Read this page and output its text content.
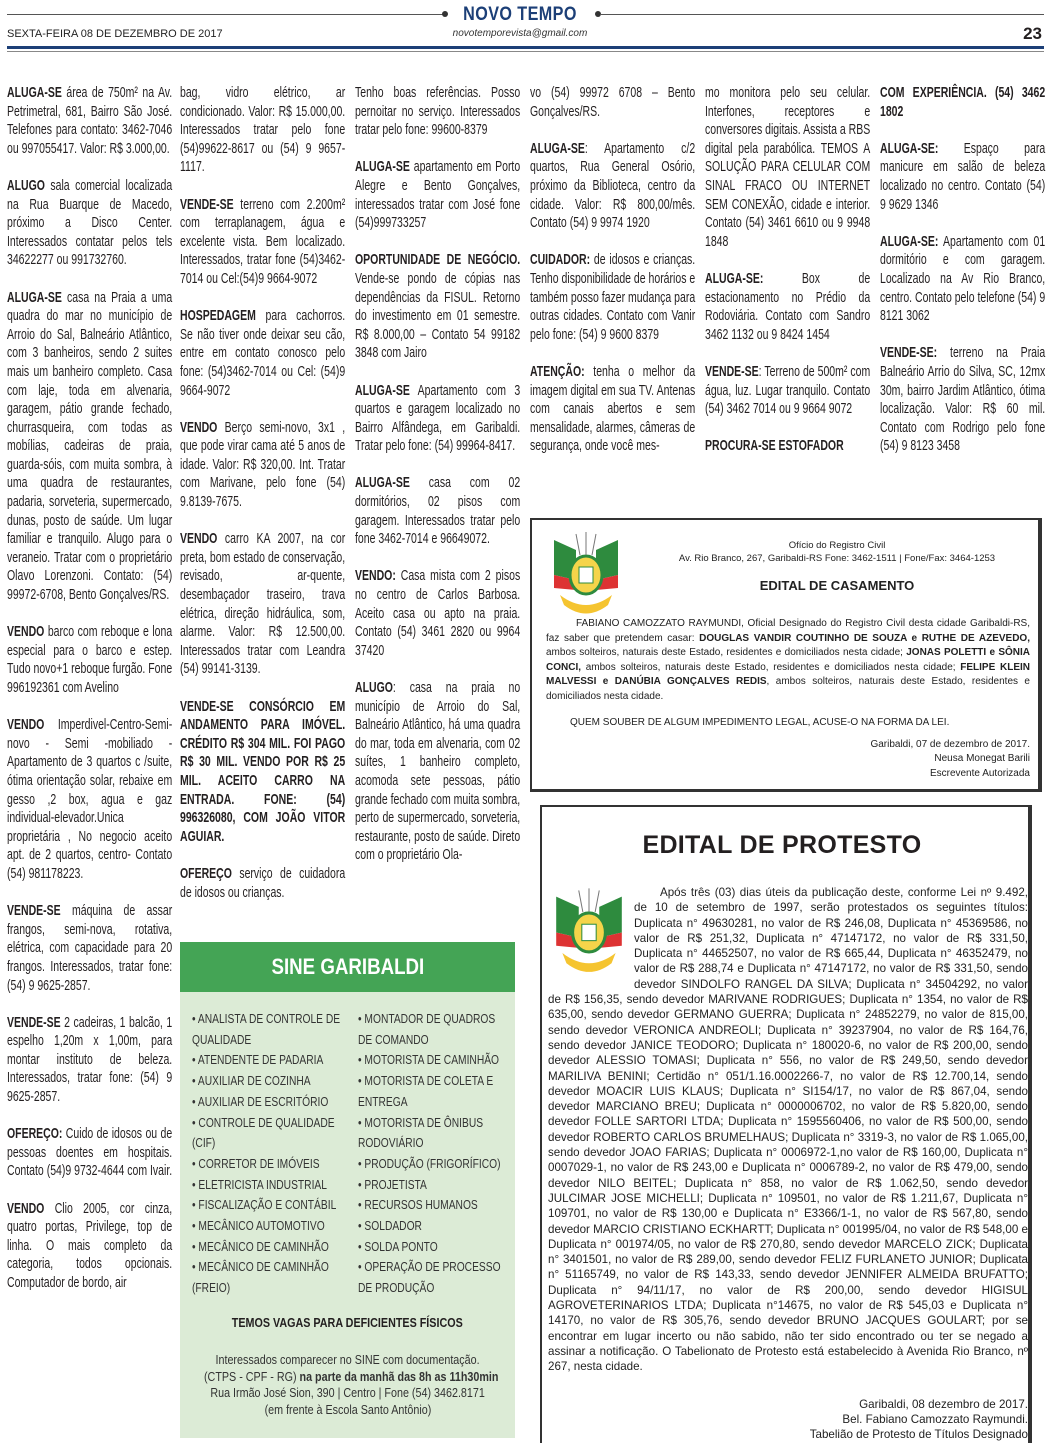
NOVO TEMPO
SEXTA-FEIRA 08 DE DEZEMBRO DE 2017	novotemporevista@gmail.com	23

ALUGA-SE área de 750m² na Av. Petrimetral, 681, Bairro São José. Telefones para contato: 3462-7046 ou 997055417. Valor: R$ 3.000,00.

ALUGO sala comercial localizada na Rua Buarque de Macedo, próximo a Disco Center. Interessados contatar pelos tels 34622277 ou 991732760.

ALUGA-SE casa na Praia a uma quadra do mar no município de Arroio do Sal, Balneário Atlântico, com 3 banheiros, sendo 2 suites mais um banheiro completo. Casa com laje, toda em alvenaria, garagem, pátio grande fechado, churrasqueira, com todas as mobílias, cadeiras de praia, guarda-sóis, com muita sombra, à uma quadra de restaurantes, padaria, sorveteria, supermercado, dunas, posto de saúde. Um lugar familiar e tranquilo. Alugo para o veraneio. Tratar com o proprietário Olavo Lorenzoni. Contato: (54) 99972-6708, Bento Gonçalves/RS.

VENDO barco com reboque e lona especial para o barco e estep. Tudo novo+1 reboque furgão. Fone 996192361 com Avelino

VENDO Imperdivel-Centro-Semi-novo - Semi -mobiliado -Apartamento de 3 quartos c /suite, ótima orientação solar, rebaixe em gesso ,2 box, agua e gaz individual-elevador.Unica proprietária , No negocio aceito apt. de 2 quartos, centro- Contato (54) 981178223.

VENDE-SE máquina de assar frangos, semi-nova, rotativa, elétrica, com capacidade para 20 frangos. Interessados, tratar fone: (54) 9 9625-2857.

VENDE-SE 2 cadeiras, 1 balcão, 1 espelho 1,20m x 1,00m, para montar instituto de beleza. Interessados, tratar fone: (54) 9 9625-2857.

OFEREÇO: Cuido de idosos ou de pessoas doentes em hospitais. Contato (54)9 9732-4644 com Ivair.

VENDO Clio 2005, cor cinza, quatro portas, Privilege, top de linha. O mais completo da categoria, todos opcionais. Computador de bordo, air

bag, vidro elétrico, ar condicionado. Valor: R$ 15.000,00. Interessados tratar pelo fone (54)99622-8617 ou (54) 9 9657-1117.

VENDE-SE terreno com 2.200m² com terraplanagem, água e excelente vista. Bem localizado. Interessados, tratar fone (54)3462-7014 ou Cel:(54)9 9664-9072

HOSPEDAGEM para cachorros. Se não tiver onde deixar seu cão, entre em contato conosco pelo fone: (54)3462-7014 ou Cel: (54)9 9664-9072

VENDO Berço semi-novo, 3x1 , que pode virar cama até 5 anos de idade. Valor: R$ 320,00. Int. Tratar com Marivane, pelo fone (54) 9.8139-7675.

VENDO carro KA 2007, na cor preta, bom estado de conservação, revisado, ar-quente, desembaçador traseiro, trava elétrica, direção hidráulica, som, alarme. Valor: R$ 12.500,00. Interessados tratar com Leandra (54) 99141-3139.

VENDE-SE CONSÓRCIO EM ANDAMENTO PARA IMÓVEL. CRÉDITO R$ 304 MIL. FOI PAGO R$ 30 MIL. VENDO POR R$ 25 MIL. ACEITO CARRO NA ENTRADA. FONE: (54) 996326080, COM JOÃO VITOR AGUIAR.

OFEREÇO serviço de cuidadora de idosos ou crianças.

Tenho boas referências. Posso pernoitar no serviço. Interessados tratar pelo fone: 99600-8379

ALUGA-SE apartamento em Porto Alegre e Bento Gonçalves, interessados tratar com José fone (54)999733257

OPORTUNIDADE DE NEGÓCIO. Vende-se pondo de cópias nas dependências da FISUL. Retorno do investimento em 01 semestre. R$ 8.000,00 – Contato 54 99182 3848 com Jairo

ALUGA-SE Apartamento com 3 quartos e garagem localizado no Bairro Alfândega, em Garibaldi. Tratar pelo fone: (54) 99964-8417.

ALUGA-SE casa com 02 dormitórios, 02 pisos com garagem. Interessados tratar pelo fone 3462-7014 e 96649072.

VENDO: Casa mista com 2 pisos no centro de Carlos Barbosa. Aceito casa ou apto na praia. Contato (54) 3461 2820 ou 9964 37420

ALUGO: casa na praia no município de Arroio do Sal, Balneário Atlântico, há uma quadra do mar, toda em alvenaria, com 02 suítes, 1 banheiro completo, acomoda sete pessoas, pátio grande fechado com muita sombra, perto de supermercado, sorveteria, restaurante, posto de saúde. Direto com o proprietário Ola-

vo (54) 99972 6708 – Bento Gonçalves/RS.

ALUGA-SE: Apartamento c/2 quartos, Rua General Osório, próximo da Biblioteca, centro da cidade. Valor: R$ 800,00/mês. Contato (54) 9 9974 1920

CUIDADOR: de idosos e crianças. Tenho disponibilidade de horários e também posso fazer mudança para outras cidades. Contato com Vanir pelo fone: (54) 9 9600 8379

ATENÇÃO: tenha o melhor da imagem digital em sua TV. Antenas com canais abertos e sem mensalidade, alarmes, câmeras de segurança, onde você mes-

mo monitora pelo seu celular. Interfones, receptores e conversores digitais. Assista a RBS digital pela parabólica. TEMOS A SOLUÇÃO PARA CELULAR COM SINAL FRACO OU INTERNET SEM CONEXÃO, cidade e interior. Contato (54) 3461 6610 ou 9 9948 1848

ALUGA-SE: Box de estacionamento no Prédio da Rodoviária. Contato com Sandro 3462 1132 ou 9 8424 1454

VENDE-SE: Terreno de 500m² com água, luz. Lugar tranquilo. Contato (54) 3462 7014 ou 9 9664 9072

PROCURA-SE ESTOFADOR

COM EXPERIÊNCIA. (54) 3462 1802

ALUGA-SE: Espaço para manicure em salão de beleza localizado no centro. Contato (54) 9 9629 1346

ALUGA-SE: Apartamento com 01 dormitório e com garagem. Localizado na Av Rio Branco, centro. Contato pelo telefone (54) 9 8121 3062

VENDE-SE: terreno na Praia Balneário Arrio do Silva, SC, 12mx 30m, bairro Jardim Atlântico, ótima localização. Valor: R$ 60 mil. Contato com Rodrigo pelo fone (54) 9 8123 3458

Ofício do Registro Civil
Av. Rio Branco, 267, Garibaldi-RS Fone: 3462-1511 | Fone/Fax: 3464-1253
EDITAL DE CASAMENTO
FABIANO CAMOZZATO RAYMUNDI, Oficial Designado do Registro Civil desta cidade Garibaldi-RS, faz saber que pretendem casar: DOUGLAS VANDIR COUTINHO DE SOUZA e RUTHE DE AZEVEDO, ambos solteiros, naturais deste Estado, residentes e domiciliados nesta cidade; JONAS POLETTI e SÔNIA CONCI, ambos solteiros, naturais deste Estado, residentes e domiciliados nesta cidade; FELIPE KLEIN MALVESSI e DANÚBIA GONÇALVES REDIS, ambos solteiros, naturais deste Estado, residentes e domiciliados nesta cidade.
QUEM SOUBER DE ALGUM IMPEDIMENTO LEGAL, ACUSE-O NA FORMA DA LEI.
Garibaldi, 07 de dezembro de 2017.
Neusa Monegat Barili
Escrevente Autorizada
EDITAL DE PROTESTO
Após três (03) dias úteis da publicação deste, conforme Lei nº 9.492, de 10 de setembro de 1997, serão protestados os seguintes títulos: Duplicata n° 49630281, no valor de R$ 246,08, Duplicata n° 45369586, no valor de R$ 251,32, Duplicata n° 47147172, no valor de R$ 331,50, Duplicata n° 44652507, no valor de R$ 665,44, Duplicata n° 46352479, no valor de R$ 288,74 e Duplicata n° 47147172, no valor de R$ 331,50, sendo devedor SINDOLFO RANGEL DA SILVA; Duplicata n° 34504292, no valor de R$ 156,35, sendo devedor MARIVANE RODRIGUES; Duplicata n° 1354, no valor de R$ 635,00, sendo devedor GERMANO GUERRA; Duplicata n° 24852279, no valor de 815,00, sendo devedor VERONICA ANDREOLI; Duplicata n° 39237904, no valor de R$ 164,76, sendo devedor JANICE TEODORO; Duplicata n° 180020-6, no valor de R$ 200,00, sendo devedor ALESSIO TOMASI; Duplicata n° 556, no valor de R$ 249,50, sendo devedor MARILIVA BENINI; Certidão n° 051/1.16.0002266-7, no valor de R$ 12.700,14, sendo devedor MOACIR LUIS KLAUS; Duplicata n° SI154/17, no valor de R$ 867,04, sendo devedor MARCIANO BREU; Duplicata n° 0000006702, no valor de R$ 5.820,00, sendo devedor FOLLE SARTORI LTDA; Duplicata n° 1595560406, no valor de R$ 500,00, sendo devedor ROBERTO CARLOS BRUMELHAUS; Duplicata n° 3319-3, no valor de R$ 1.065,00, sendo devedor JOAO FARIAS; Duplicata n° 0006972-1,no valor de R$ 160,00, Duplicata n° 0007029-1, no valor de R$ 243,00 e Duplicata n° 0006789-2, no valor de R$ 479,00, sendo devedor NILO BEITEL; Duplicata n° 858, no valor de R$ 1.062,50, sendo devedor JULCIMAR JOSE MICHELLI; Duplicata n° 109501, no valor de R$ 1.211,67, Duplicata n° 109701, no valor de R$ 130,00 e Duplicata n° E3366/1-1, no valor de R$ 567,80, sendo devedor MARCIO CRISTIANO ECKHARTT; Duplicata n° 001995/04, no valor de R$ 548,00 e Duplicata n° 001974/05, no valor de R$ 270,80, sendo devedor MARCELO ZICK; Duplicata n° 3401501, no valor de R$ 289,00, sendo devedor FELIZ FURLANETO JUNIOR; Duplicata n° 51165749, no valor de R$ 143,33, sendo devedor JENNIFER ALMEIDA BRUFATTO; Duplicata n° 94/11/17, no valor de R$ 200,00, sendo devedor HIGISUL AGROVETERINARIOS LTDA; Duplicata n°14675, no valor de R$ 545,03 e Duplicata n° 14170, no valor de R$ 305,76, sendo devedor BRUNO JACQUES GOULART; por se encontrar em lugar incerto ou não sabido, não ter sido encontrado ou ter se negado a assinar a notificação. O Tabelionato de Protesto está estabelecido à Avenida Rio Branco, nº 267, nesta cidade.
Garibaldi, 08 dezembro de 2017.
Bel. Fabiano Camozzato Raymundi.
Tabelião de Protesto de Títulos Designado
SINE GARIBALDI
• ANALISTA DE CONTROLE DE
QUALIDADE
• ATENDENTE DE PADARIA
• AUXILIAR DE COZINHA
• AUXILIAR DE ESCRITÓRIO
• CONTROLE DE QUALIDADE
(CIF)
• CORRETOR DE IMÓVEIS
• ELETRICISTA INDUSTRIAL
• FISCALIZAÇÃO E CONTÁBIL
• MECÂNICO AUTOMOTIVO
• MECÂNICO DE CAMINHÃO
• MECÂNICO DE CAMINHÃO
(FREIO)
• MONTADOR DE QUADROS
DE COMANDO
• MOTORISTA DE CAMINHÃO
• MOTORISTA DE COLETA E
ENTREGA
• MOTORISTA DE ÔNIBUS
RODOVIÁRIO
• PRODUÇÃO (FRIGORÍFICO)
• PROJETISTA
• RECURSOS HUMANOS
• SOLDADOR
• SOLDA PONTO
• OPERAÇÃO DE PROCESSO
DE PRODUÇÃO
TEMOS VAGAS PARA DEFICIENTES FÍSICOS
Interessados comparecer no SINE com documentação.
(CTPS - CPF - RG) na parte da manhã das 8h as 11h30min
Rua Irmão José Sion, 390 | Centro | Fone (54) 3462.8171
(em frente à Escola Santo Antônio)
